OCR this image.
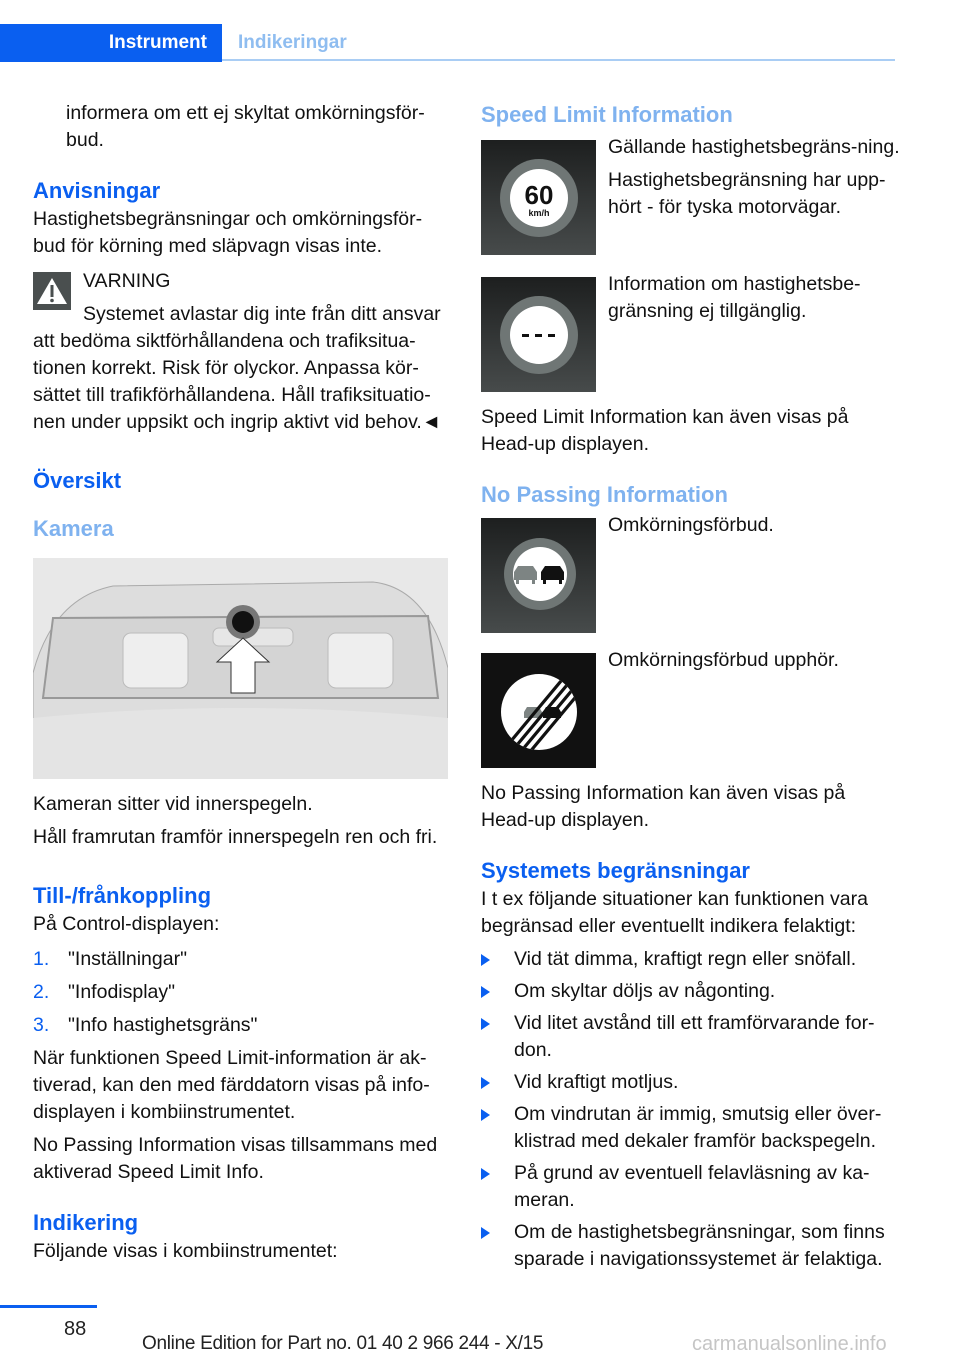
Instrument	Indikeringar

informera om ett ej skyltat omkörningsför-bud.

Anvisningar

Hastighetsbegränsningar och omkörningsför-bud för körning med släpvagn visas inte.

VARNING

Systemet avlastar dig inte från ditt ansvar att bedöma siktförhållandena och trafiksitua-tionen korrekt. Risk för olyckor. Anpassa kör-sättet till trafikförhållandena. Håll trafiksituatio-nen under uppsikt och ingrip aktivt vid behov.◄

Översikt
Kamera

Kameran sitter vid innerspegeln.

Håll framrutan framför innerspegeln ren och fri.

Till-/frånkoppling

På Control-displayen:

1. "Inställningar"
2. "Infodisplay"
3. "Info hastighetsgräns"

När funktionen Speed Limit-information är ak-tiverad, kan den med färddatorn visas på info-displayen i kombiinstrumentet.

No Passing Information visas tillsammans med aktiverad Speed Limit Info.

Indikering

Följande visas i kombiinstrumentet:

Speed Limit Information
60
km/h

Gällande hastighetsbegräns-ning.

Hastighetsbegränsning har upp-hört - för tyska motorvägar.

Information om hastighetsbe-gränsning ej tillgänglig.

Speed Limit Information kan även visas på Head-up displayen.

No Passing Information

Omkörningsförbud.

Omkörningsförbud upphör.

No Passing Information kan även visas på Head-up displayen.

Systemets begränsningar

I t ex följande situationer kan funktionen vara begränsad eller eventuellt indikera felaktigt:

Vid tät dimma, kraftigt regn eller snöfall.
Om skyltar döljs av någonting.
Vid litet avstånd till ett framförvarande for-don.
Vid kraftigt motljus.
Om vindrutan är immig, smutsig eller över-klistrad med dekaler framför backspegeln.
På grund av eventuell felavläsning av ka-meran.
Om de hastighetsbegränsningar, som finns sparade i navigationssystemet är felaktiga.
88
Online Edition for Part no. 01 40 2 966 244 - X/15	carmanualsonline.info
